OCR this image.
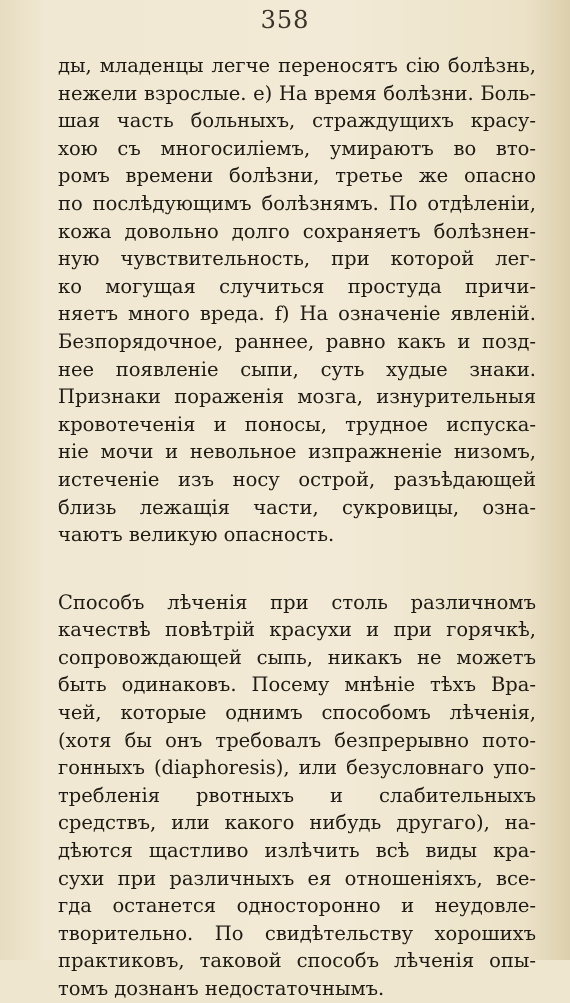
358
ды, младенцы легче переносятъ сію болѣзнь,
нежели взрослые. e) На время болѣзни. Боль-
шая часть больныхъ, страждущихъ красу-
хою съ многосиліемъ, умираютъ во вто-
ромъ времени болѣзни, третье же опасно
по послѣдующимъ болѣзнямъ. По отдѣленіи,
кожа довольно долго сохраняетъ болѣзнен-
ную чувствительность, при которой лег-
ко могущая случиться простуда причи-
няетъ много вреда. f) На означеніе явленій.
Безпорядочное, раннее, равно какъ и позд-
нее появленіе сыпи, суть худые знаки.
Признаки пораженія мозга, изнурительныя
кровотеченія и поносы, трудное испуска-
ніе мочи и невольное изпражненіе низомъ,
истеченіе изъ носу острой, разъѣдающей
близь лежащія части, сукровицы, озна-
чаютъ великую опасность.
Способъ лѣченія при столь различномъ
качествѣ повѣтрій красухи и при горячкѣ,
сопровождающей сыпь, никакъ не можетъ
быть одинаковъ. Посему мнѣніе тѣхъ Вра-
чей, которые однимъ способомъ лѣченія,
(хотя бы онъ требовалъ безпрерывно пото-
гонныхъ (diaphoresis), или безусловнаго упо-
требленія рвотныхъ и слабительныхъ
средствъ, или какого нибудь другаго), на-
дѣются щастливо излѣчить всѣ виды кра-
сухи при различныхъ ея отношеніяхъ, все-
гда останется односторонно и неудовле-
творительно. По свидѣтельству хорошихъ
практиковъ, таковой способъ лѣченія опы-
томъ дознанъ недостаточнымъ.
